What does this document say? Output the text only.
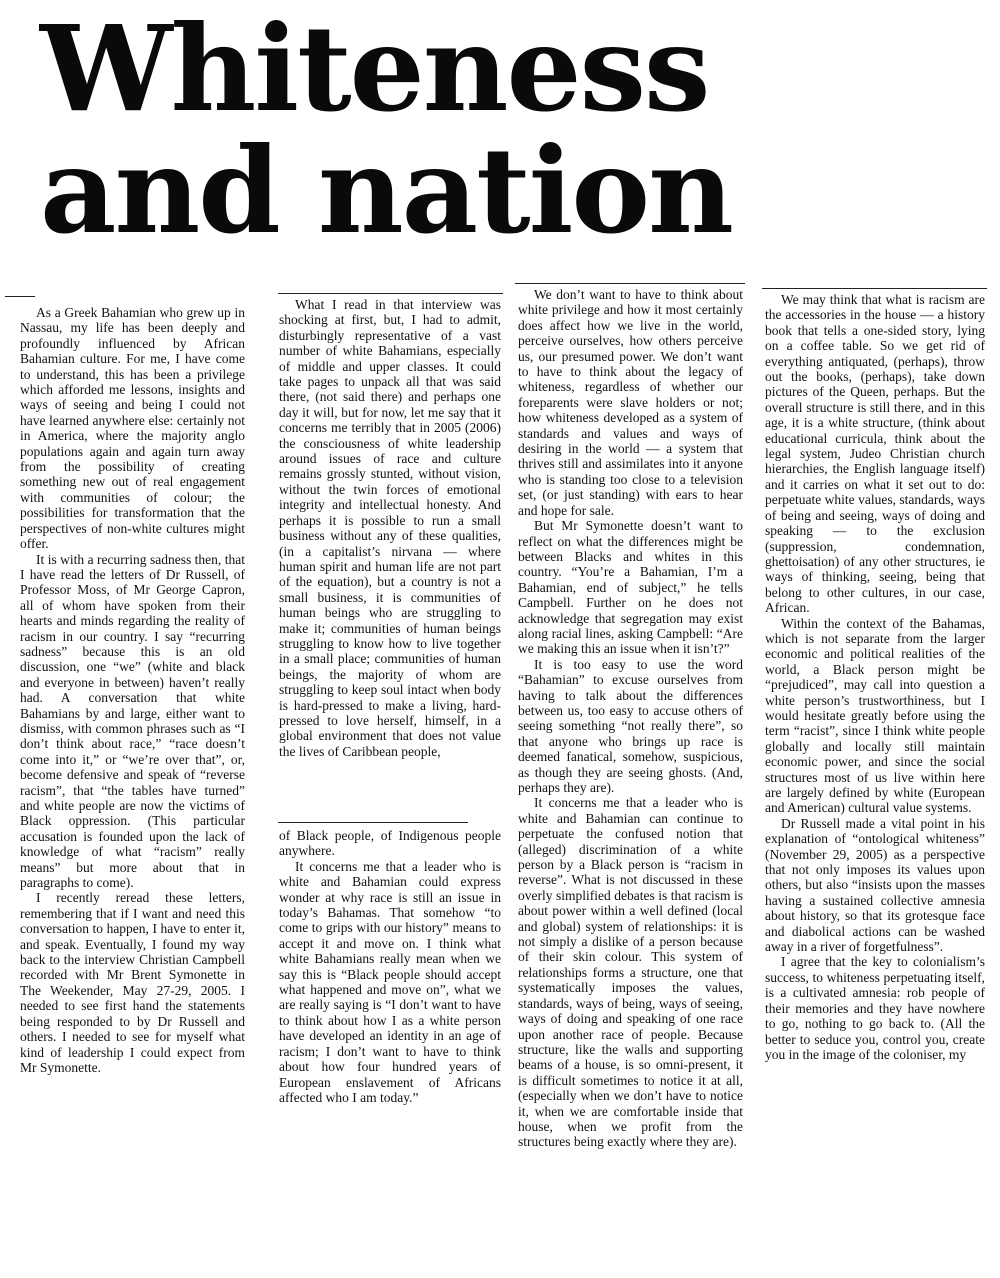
Whiteness
and nation

As a Greek Bahamian who grew up in Nassau, my life has been deeply and profoundly influenced by African Bahamian culture. For me, I have come to understand, this has been a privilege which afforded me lessons, insights and ways of seeing and being I could not have learned anywhere else: certainly not in America, where the majority anglo populations again and again turn away from the possibility of creating something new out of real engagement with communities of colour; the possibilities for transformation that the perspectives of non-white cultures might offer.

It is with a recurring sadness then, that I have read the letters of Dr Russell, of Professor Moss, of Mr George Capron, all of whom have spoken from their hearts and minds regarding the reality of racism in our country. I say “recurring sadness” because this is an old discussion, one “we” (white and black and everyone in between) haven’t really had. A conversation that white Bahamians by and large, either want to dismiss, with common phrases such as “I don’t think about race,” “race doesn’t come into it,” or “we’re over that”, or, become defensive and speak of “reverse racism”, that “the tables have turned” and white people are now the victims of Black oppression. (This particular accusation is founded upon the lack of knowledge of what “racism” really means” but more about that in paragraphs to come).

I recently reread these letters, remembering that if I want and need this conversation to happen, I have to enter it, and speak. Eventually, I found my way back to the interview Christian Campbell recorded with Mr Brent Symonette in The Weekender, May 27-29, 2005. I needed to see first hand the statements being responded to by Dr Russell and others. I needed to see for myself what kind of leadership I could expect from Mr Symonette.

What I read in that interview was shocking at first, but, I had to admit, disturbingly representative of a vast number of white Bahamians, especially of middle and upper classes. It could take pages to unpack all that was said there, (not said there) and perhaps one day it will, but for now, let me say that it concerns me terribly that in 2005 (2006) the consciousness of white leadership around issues of race and culture remains grossly stunted, without vision, without the twin forces of emotional integrity and intellectual honesty. And perhaps it is possible to run a small business without any of these qualities, (in a capitalist’s nirvana — where human spirit and human life are not part of the equation), but a country is not a small business, it is communities of human beings who are struggling to make it; communities of human beings struggling to know how to live together in a small place; communities of human beings, the majority of whom are struggling to keep soul intact when body is hard-pressed to make a living, hard-pressed to love herself, himself, in a global environment that does not value the lives of Caribbean people,

of Black people, of Indigenous people anywhere.

It concerns me that a leader who is white and Bahamian could express wonder at why race is still an issue in today’s Bahamas. That somehow “to come to grips with our history” means to accept it and move on. I think what white Bahamians really mean when we say this is “Black people should accept what happened and move on”, what we are really saying is “I don’t want to have to think about how I as a white person have developed an identity in an age of racism; I don’t want to have to think about how four hundred years of European enslavement of Africans affected who I am today.”

We don’t want to have to think about white privilege and how it most certainly does affect how we live in the world, perceive ourselves, how others perceive us, our presumed power. We don’t want to have to think about the legacy of whiteness, regardless of whether our foreparents were slave holders or not; how whiteness developed as a system of standards and values and ways of desiring in the world — a system that thrives still and assimilates into it anyone who is standing too close to a television set, (or just standing) with ears to hear and hope for sale.

But Mr Symonette doesn’t want to reflect on what the differences might be between Blacks and whites in this country. “You’re a Bahamian, I’m a Bahamian, end of subject,” he tells Campbell. Further on he does not acknowledge that segregation may exist along racial lines, asking Campbell: “Are we making this an issue when it isn’t?”

It is too easy to use the word “Bahamian” to excuse ourselves from having to talk about the differences between us, too easy to accuse others of seeing something “not really there”, so that anyone who brings up race is deemed fanatical, somehow, suspicious, as though they are seeing ghosts. (And, perhaps they are).

It concerns me that a leader who is white and Bahamian can continue to perpetuate the confused notion that (alleged) discrimination of a white person by a Black person is “racism in reverse”. What is not discussed in these overly simplified debates is that racism is about power within a well defined (local and global) system of relationships: it is not simply a dislike of a person because of their skin colour. This system of relationships forms a structure, one that systematically imposes the values, standards, ways of being, ways of seeing, ways of doing and speaking of one race upon another race of people. Because structure, like the walls and supporting beams of a house, is so omni-present, it is difficult sometimes to notice it at all, (especially when we don’t have to notice it, when we are comfortable inside that house, when we profit from the structures being exactly where they are).

We may think that what is racism are the accessories in the house — a history book that tells a one-sided story, lying on a coffee table. So we get rid of everything antiquated, (perhaps), throw out the books, (perhaps), take down pictures of the Queen, perhaps. But the overall structure is still there, and in this age, it is a white structure, (think about educational curricula, think about the legal system, Judeo Christian church hierarchies, the English language itself) and it carries on what it set out to do: perpetuate white values, standards, ways of being and seeing, ways of doing and speaking — to the exclusion (suppression, condemnation, ghettoisation) of any other structures, ie ways of thinking, seeing, being that belong to other cultures, in our case, African.

Within the context of the Bahamas, which is not separate from the larger economic and political realities of the world, a Black person might be “prejudiced”, may call into question a white person’s trustworthiness, but I would hesitate greatly before using the term “racist”, since I think white people globally and locally still maintain economic power, and since the social structures most of us live within here are largely defined by white (European and American) cultural value systems.

Dr Russell made a vital point in his explanation of “ontological whiteness” (November 29, 2005) as a perspective that not only imposes its values upon others, but also “insists upon the masses having a sustained collective amnesia about history, so that its grotesque face and diabolical actions can be washed away in a river of forgetfulness”.

I agree that the key to colonialism’s success, to whiteness perpetuating itself, is a cultivated amnesia: rob people of their memories and they have nowhere to go, nothing to go back to. (All the better to seduce you, control you, create you in the image of the coloniser, my
